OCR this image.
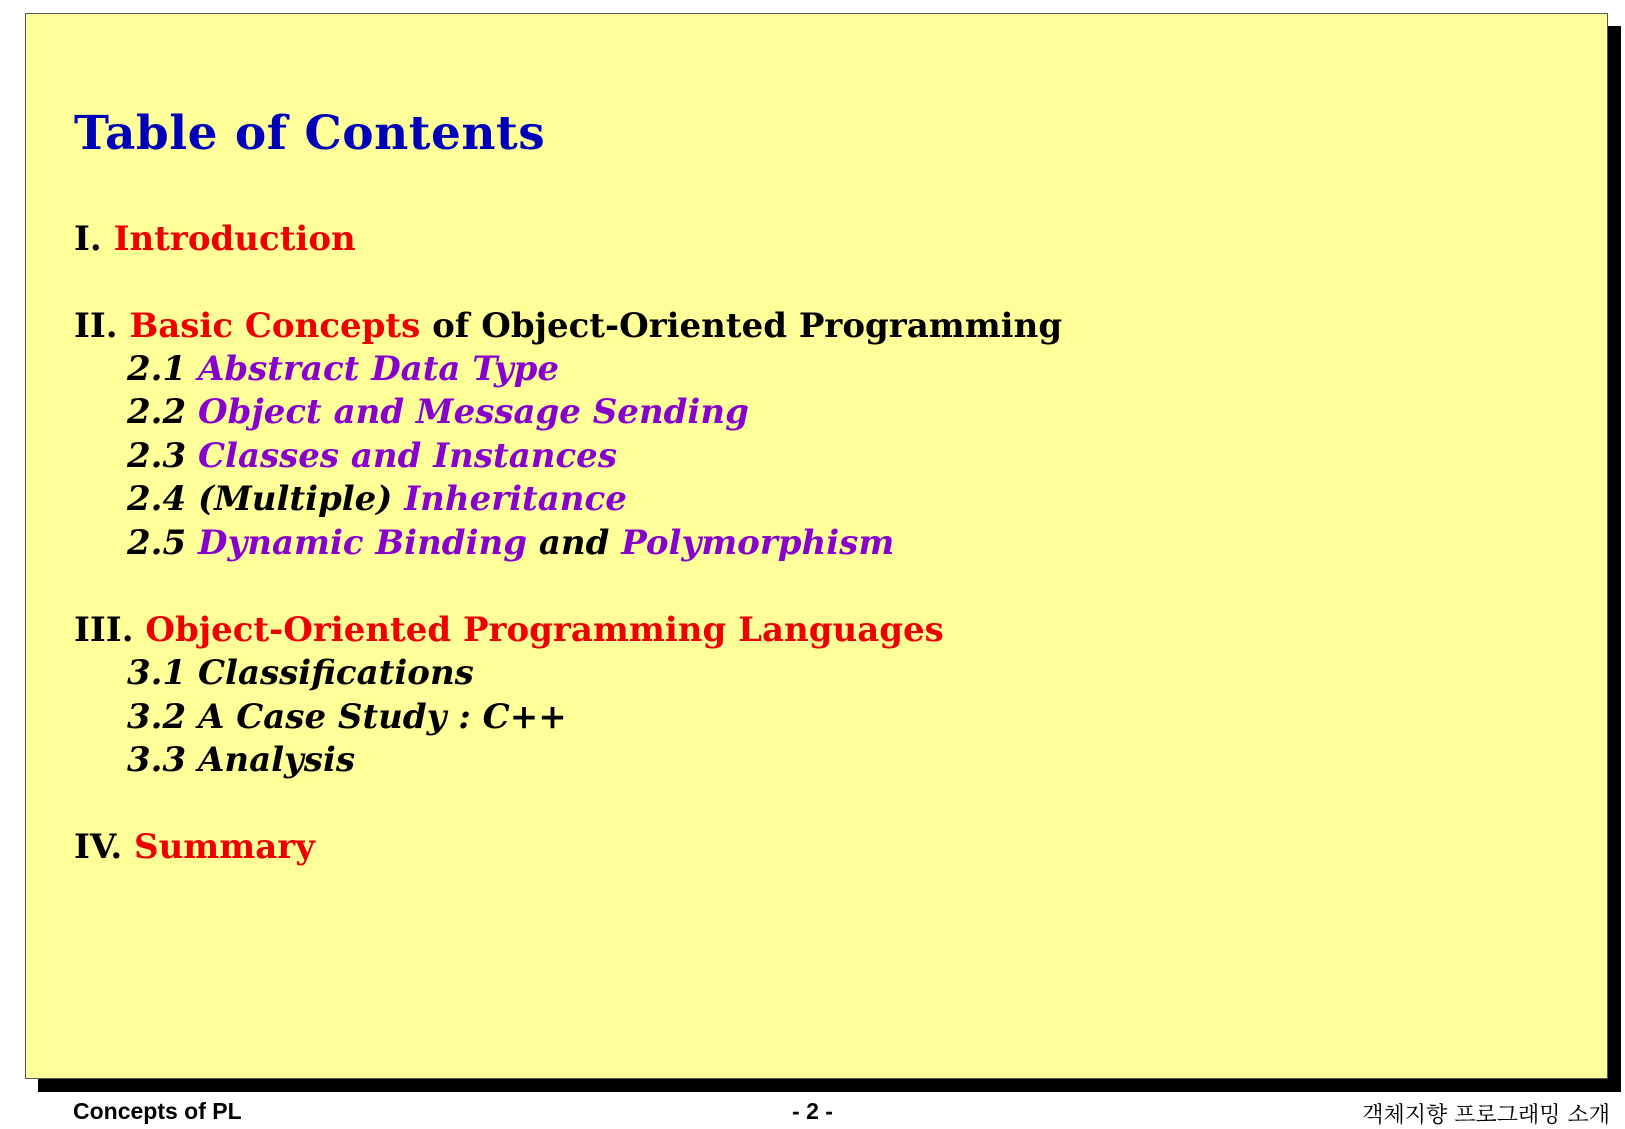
Table of Contents

I. Introduction

II. Basic Concepts of Object-Oriented Programming

2.1 Abstract Data Type

2.2 Object and Message Sending

2.3 Classes and Instances

2.4 (Multiple) Inheritance

2.5 Dynamic Binding and Polymorphism

III. Object-Oriented Programming Languages

3.1 Classifications

3.2 A Case Study : C++

3.3 Analysis

IV. Summary

Concepts of PL	- 2 -	객체지향 프로그래밍 소개
